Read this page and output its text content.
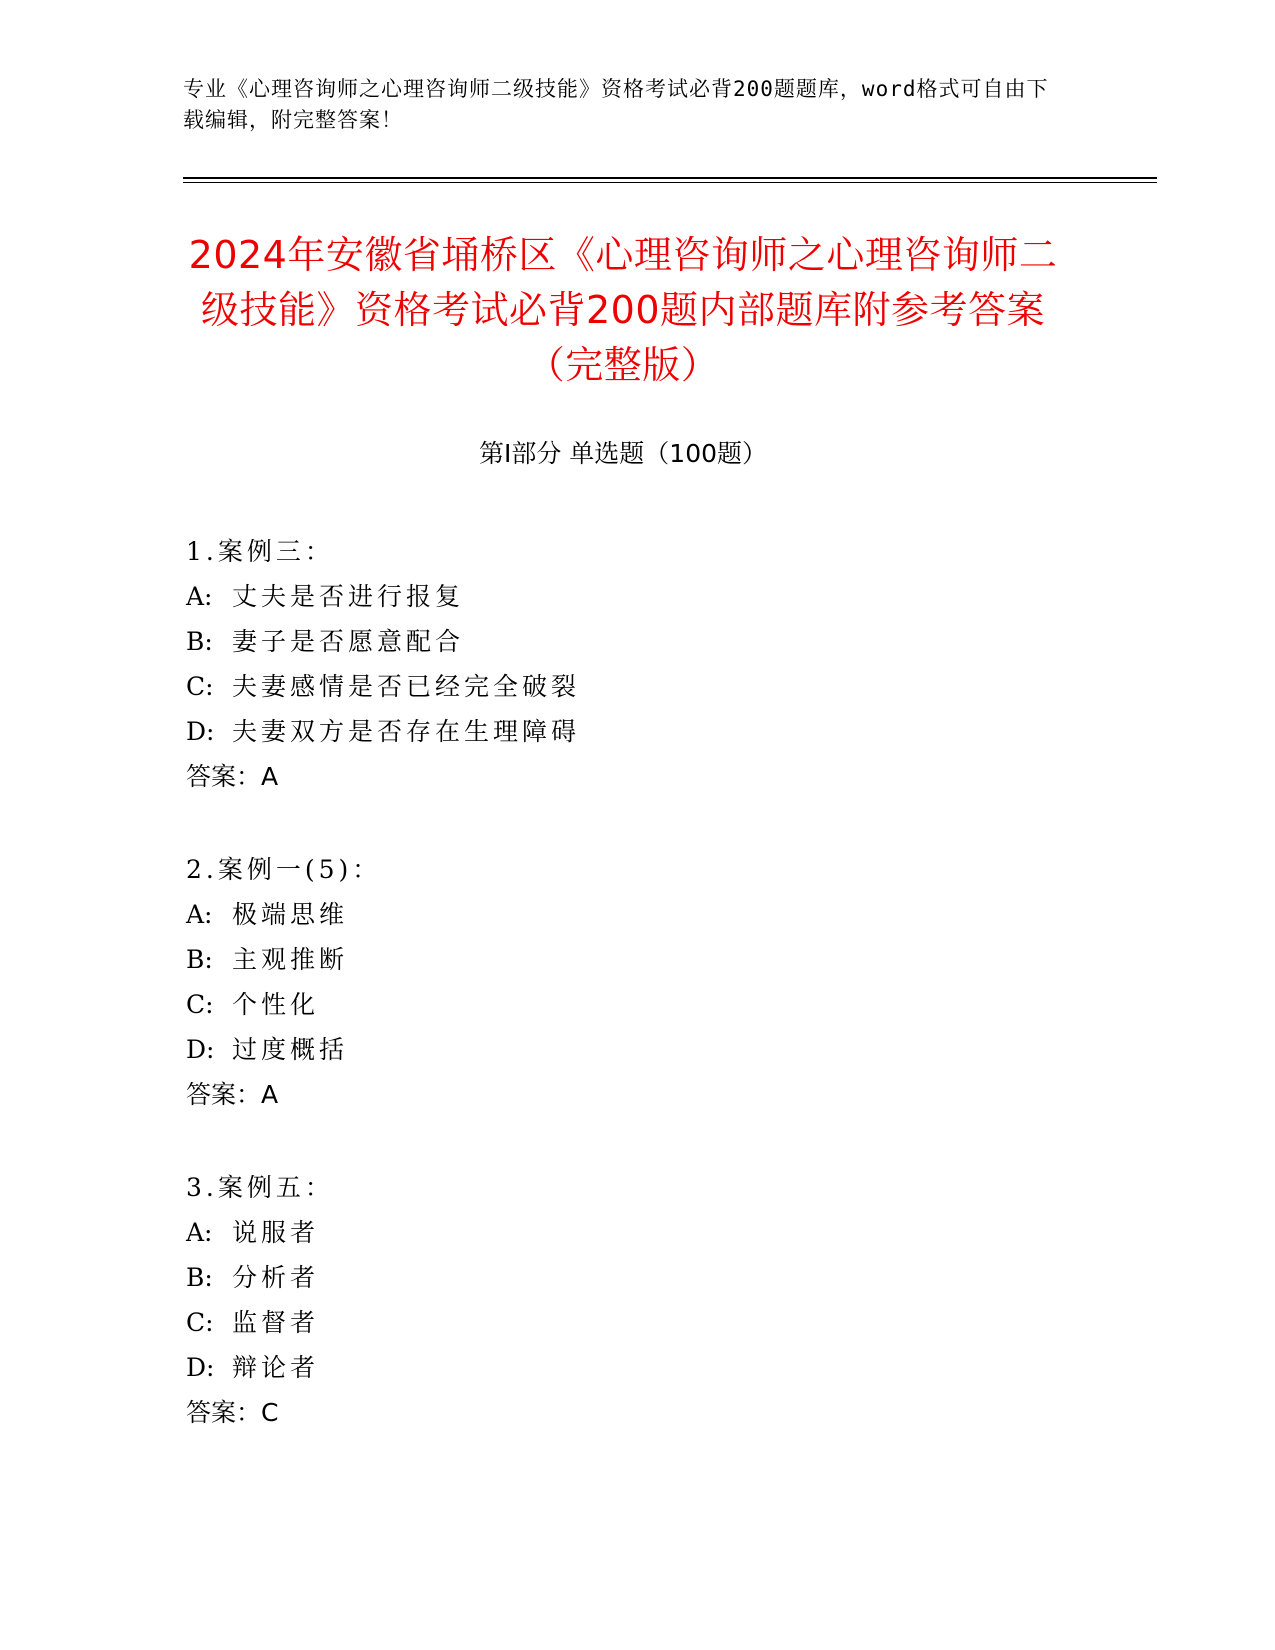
专业《心理咨询师之心理咨询师二级技能》资格考试必背200题题库，word格式可自由下载编辑，附完整答案！
2024年安徽省埇桥区《心理咨询师之心理咨询师二级技能》资格考试必背200题内部题库附参考答案（完整版）
第I部分 单选题（100题）
1.案例三：
A: 丈夫是否进行报复
B: 妻子是否愿意配合
C: 夫妻感情是否已经完全破裂
D: 夫妻双方是否存在生理障碍
答案：A
2.案例一(5)：
A: 极端思维
B: 主观推断
C: 个性化
D: 过度概括
答案：A
3.案例五：
A: 说服者
B: 分析者
C: 监督者
D: 辩论者
答案：C
